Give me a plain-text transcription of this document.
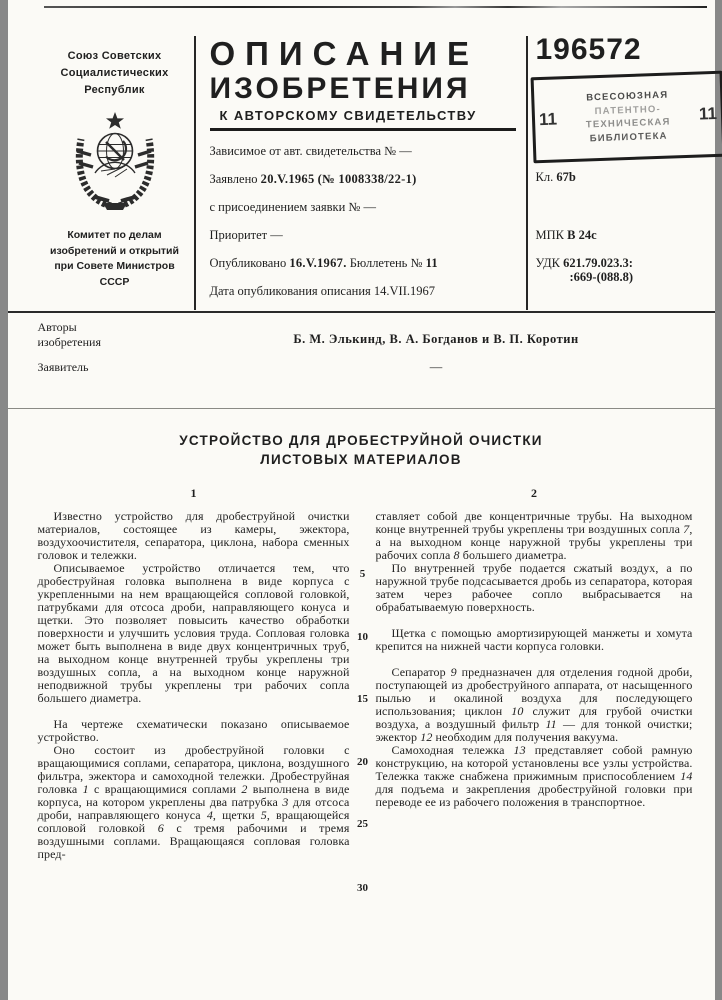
Союз Советских
Социалистических
Республик
Комитет по делам
изобретений и открытий
при Совете Министров
СССР
ОПИСАНИЕ
ИЗОБРЕТЕНИЯ
К АВТОРСКОМУ СВИДЕТЕЛЬСТВУ
Зависимое от авт. свидетельства № —
Заявлено 20.V.1965 (№ 1008338/22-1)
с присоединением заявки № —
Приоритет —
Опубликовано 16.V.1967. Бюллетень № 11
Дата опубликования описания 14.VII.1967
196572
11
ВСЕСОЮЗНАЯ
ПАТЕНТНО-
ТЕХНИЧЕСКАЯ
БИБЛИОТЕКА
11
Кл. 67b
МПК В 24с
УДК 621.79.023.3:
:669-(088.8)
Авторы
изобретения	Б. М. Элькинд, В. А. Богданов и В. П. Коротин
Заявитель	—
УСТРОЙСТВО ДЛЯ ДРОБЕСТРУЙНОЙ ОЧИСТКИ
ЛИСТОВЫХ МАТЕРИАЛОВ
1
Известно устройство для дробеструйной очистки материалов, состоящее из камеры, эжектора, воздухоочистителя, сепаратора, циклона, набора сменных головок и тележки.
Описываемое устройство отличается тем, что дробеструйная головка выполнена в виде корпуса с укрепленными на нем вращающейся сопловой головкой, патрубками для отсоса дроби, направляющего конуса и щетки. Это позволяет повысить качество обработки поверхности и улучшить условия труда. Сопловая головка может быть выполнена в виде двух концентричных труб, на выходном конце внутренней трубы укреплены три воздушных сопла, а на выходном конце наружной неподвижной трубы укреплены три рабочих сопла большего диаметра.
На чертеже схематически показано описываемое устройство.
Оно состоит из дробеструйной головки с вращающимися соплами, сепаратора, циклона, воздушного фильтра, эжектора и самоходной тележки. Дробеструйная головка 1 с вращающимися соплами 2 выполнена в виде корпуса, на котором укреплены два патрубка 3 для отсоса дроби, направляющего конуса 4, щетки 5, вращающейся сопловой головкой 6 с тремя рабочими и тремя воздушными соплами. Вращающаяся сопловая головка пред-
2
ставляет собой две концентричные трубы. На выходном конце внутренней трубы укреплены три воздушных сопла 7, а на выходном конце наружной трубы укреплены три рабочих сопла 8 большего диаметра.
По внутренней трубе подается сжатый воздух, а по наружной трубе подсасывается дробь из сепаратора, которая затем через рабочее сопло выбрасывается на обрабатываемую поверхность.
Щетка с помощью амортизирующей манжеты и хомута крепится на нижней части корпуса головки.
Сепаратор 9 предназначен для отделения годной дроби, поступающей из дробеструйного аппарата, от насыщенного пылью и окалиной воздуха для последующего использования; циклон 10 служит для грубой очистки воздуха, а воздушный фильтр 11 — для тонкой очистки; эжектор 12 необходим для получения вакуума.
Самоходная тележка 13 представляет собой рамную конструкцию, на которой установлены все узлы устройства. Тележка также снабжена прижимным приспособлением 14 для подъема и закрепления дробеструйной головки при переводе ее из рабочего положения в транспортное.
5
10
15
20
25
30
